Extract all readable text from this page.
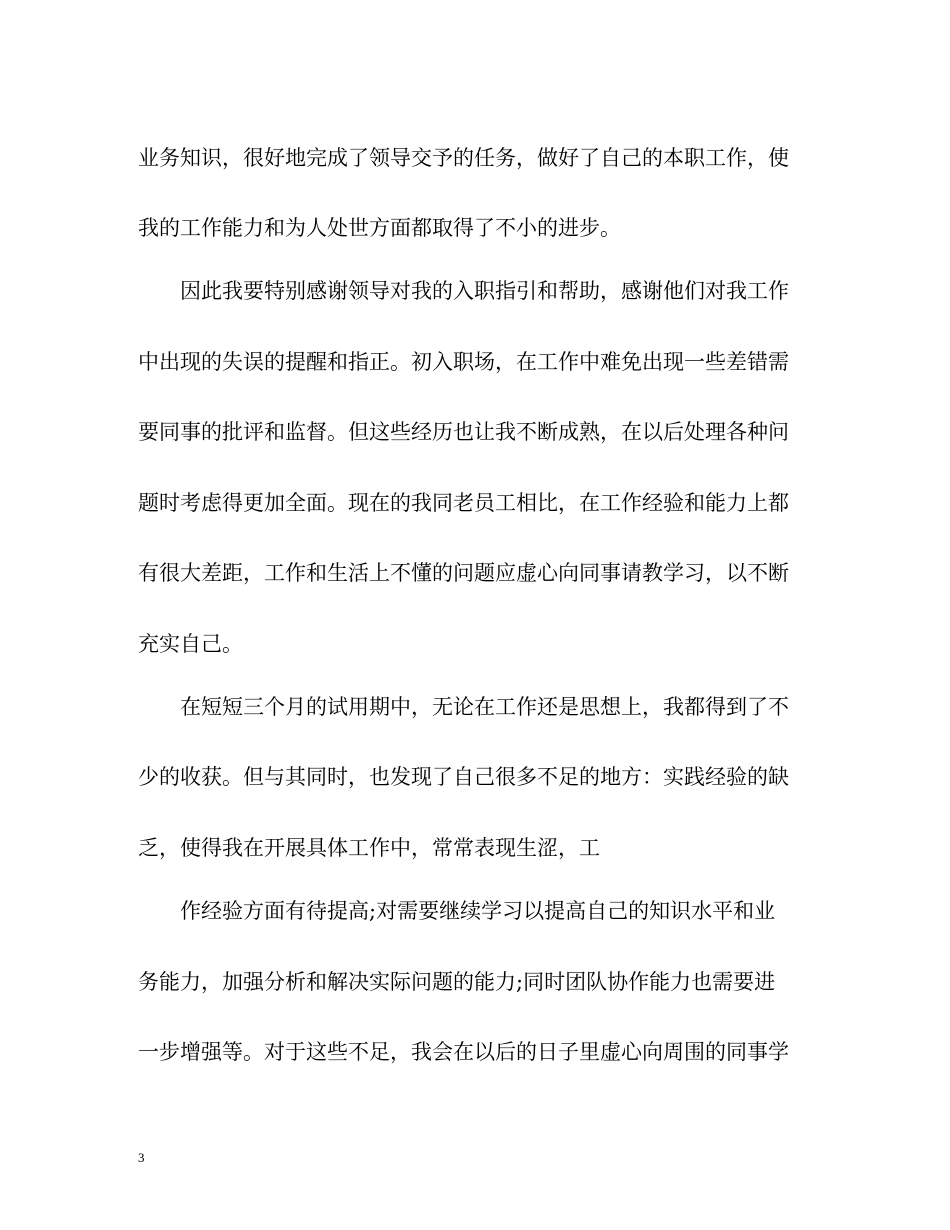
业务知识，很好地完成了领导交予的任务，做好了自己的本职工作，使
我的工作能力和为人处世方面都取得了不小的进步。
因此我要特别感谢领导对我的入职指引和帮助，感谢他们对我工作
中出现的失误的提醒和指正。初入职场，在工作中难免出现一些差错需
要同事的批评和监督。但这些经历也让我不断成熟，在以后处理各种问
题时考虑得更加全面。现在的我同老员工相比，在工作经验和能力上都
有很大差距，工作和生活上不懂的问题应虚心向同事请教学习，以不断
充实自己。
在短短三个月的试用期中，无论在工作还是思想上，我都得到了不
少的收获。但与其同时，也发现了自己很多不足的地方：实践经验的缺
乏，使得我在开展具体工作中，常常表现生涩，工
作经验方面有待提高;对需要继续学习以提高自己的知识水平和业
务能力，加强分析和解决实际问题的能力;同时团队协作能力也需要进
一步增强等。对于这些不足，我会在以后的日子里虚心向周围的同事学
3
